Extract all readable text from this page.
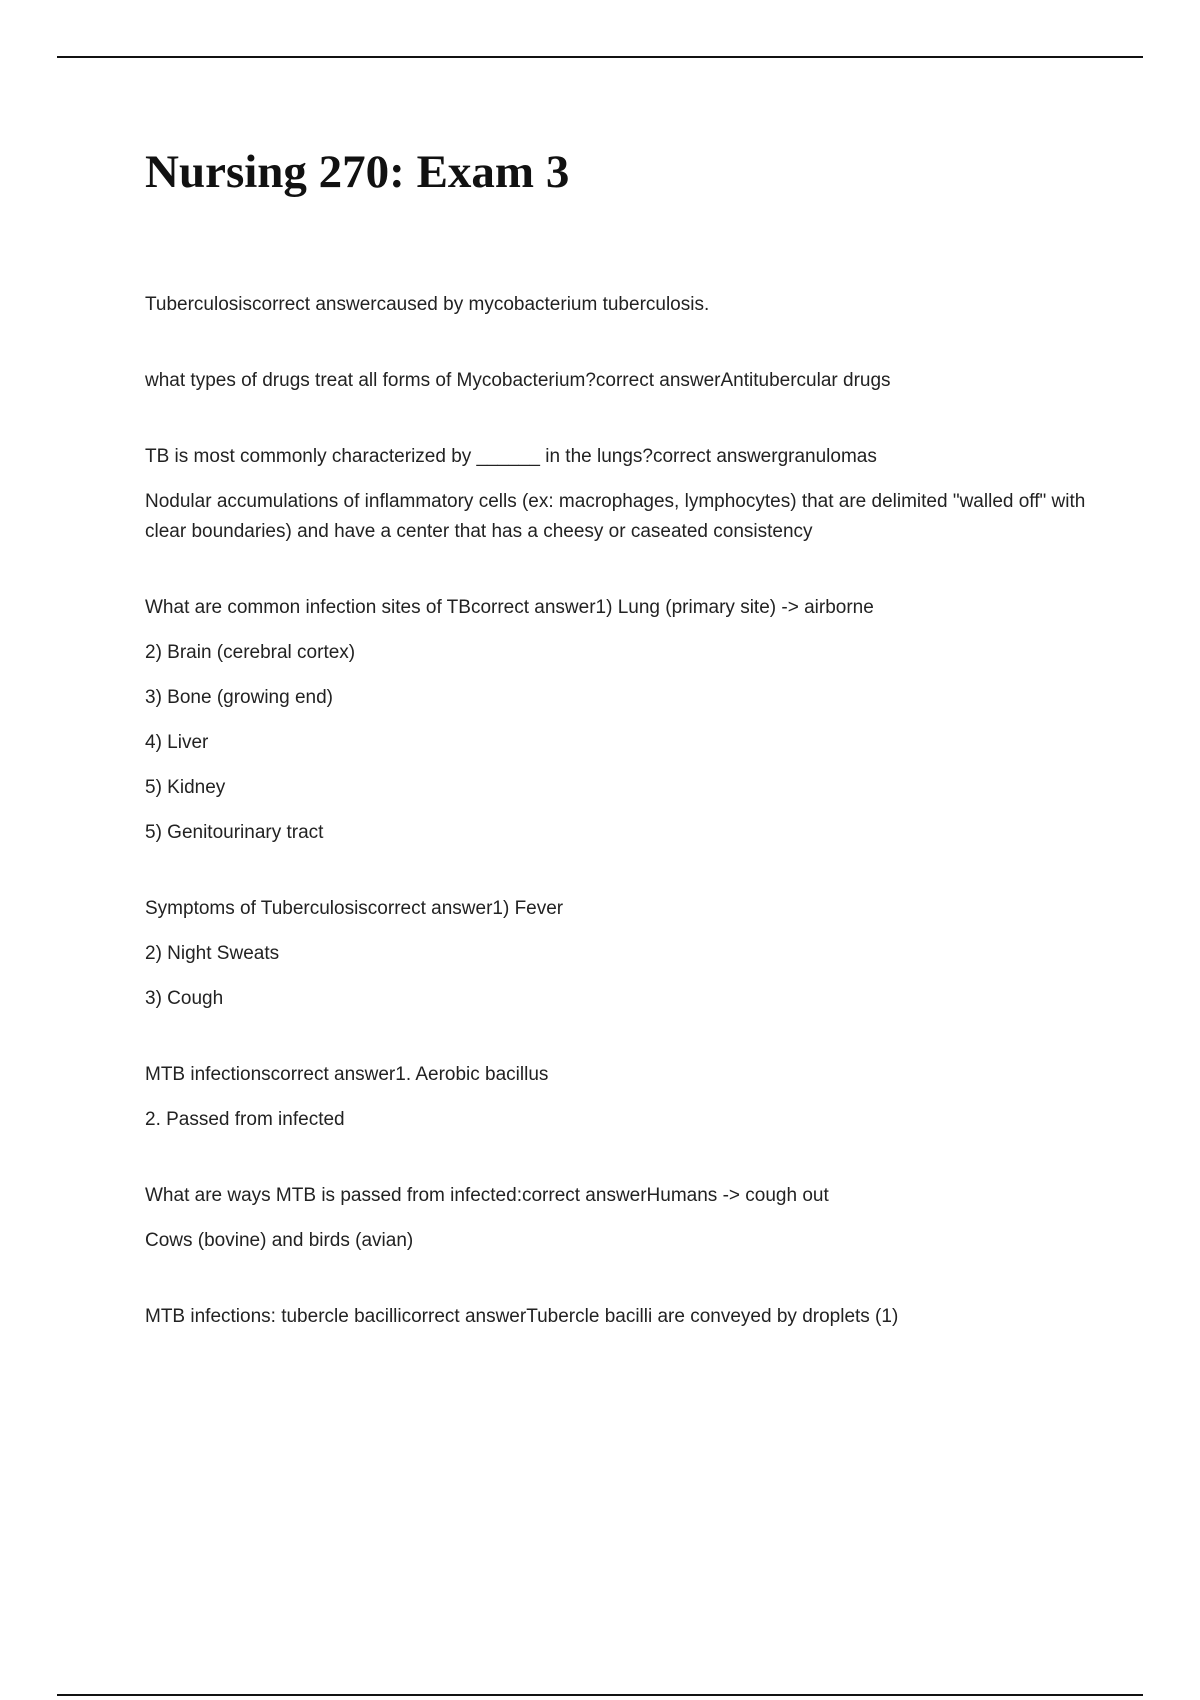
Nursing 270: Exam 3

Tuberculosiscorrect answercaused by mycobacterium tuberculosis.

what types of drugs treat all forms of Mycobacterium?correct answerAntitubercular drugs

TB is most commonly characterized by ______ in the lungs?correct answergranulomas

Nodular accumulations of inflammatory cells (ex: macrophages, lymphocytes) that are delimited "walled off" with clear boundaries) and have a center that has a cheesy or caseated consistency

What are common infection sites of TBcorrect answer1) Lung (primary site) -> airborne

2) Brain (cerebral cortex)

3) Bone (growing end)

4) Liver

5) Kidney

5) Genitourinary tract

Symptoms of Tuberculosiscorrect answer1) Fever

2) Night Sweats

3) Cough

MTB infectionscorrect answer1. Aerobic bacillus

2. Passed from infected

What are ways MTB is passed from infected:correct answerHumans -> cough out

Cows (bovine) and birds (avian)

MTB infections: tubercle bacillicorrect answerTubercle bacilli are conveyed by droplets (1)
